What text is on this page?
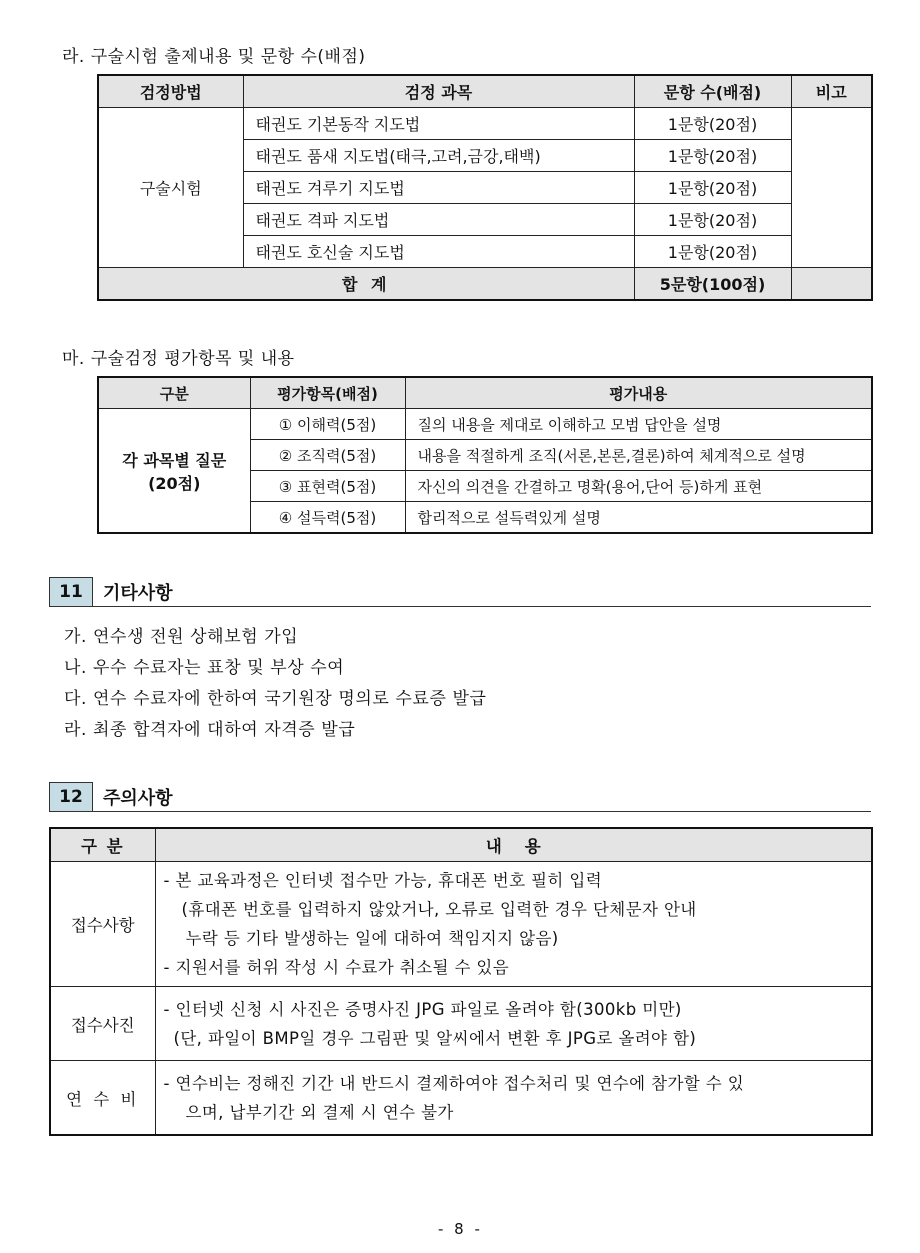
라. 구술시험 출제내용 및 문항 수(배점)
검정방법	검정 과목	문항 수(배점)	비고
구술시험	태권도 기본동작 지도법	1문항(20점)	
	태권도 품새 지도법(태극,고려,금강,태백)	1문항(20점)	
	태권도 겨루기 지도법	1문항(20점)	
	태권도 격파 지도법	1문항(20점)	
	태권도 호신술 지도법	1문항(20점)	
합 계		5문항(100점)	
마. 구술검정 평가항목 및 내용
구분	평가항목(배점)	평가내용

각 과목별 질문
(20점)	① 이해력(5점)	질의 내용을 제대로 이해하고 모범 답안을 설명
	② 조직력(5점)	내용을 적절하게 조직(서론,본론,결론)하여 체계적으로 설명
	③ 표현력(5점)	자신의 의견을 간결하고 명확(용어,단어 등)하게 표현
	④ 설득력(5점)	합리적으로 설득력있게 설명
11	기타사항
가. 연수생 전원 상해보험 가입
나. 우수 수료자는 표창 및 부상 수여
다. 연수 수료자에 한하여 국기원장 명의로 수료증 발급
라. 최종 합격자에 대하여 자격증 발급
12	주의사항
구 분	내    용
접수사항	- 본 교육과정은 인터넷 접수만 가능, 휴대폰 번호 필히 입력
(휴대폰 번호를 입력하지 않았거나, 오류로 입력한 경우 단체문자 안내
누락 등 기타 발생하는 일에 대하여 책임지지 않음)
- 지원서를 허위 작성 시 수료가 취소될 수 있음

접수사진	- 인터넷 신청 시 사진은 증명사진 JPG 파일로 올려야 함(300kb 미만)
(단, 파일이 BMP일 경우 그림판 및 알씨에서 변환 후 JPG로 올려야 함)

연 수 비	- 연수비는 정해진 기간 내 반드시 결제하여야 접수처리 및 연수에 참가할 수 있
으며, 납부기간 외 결제 시 연수 불가
- 8 -
